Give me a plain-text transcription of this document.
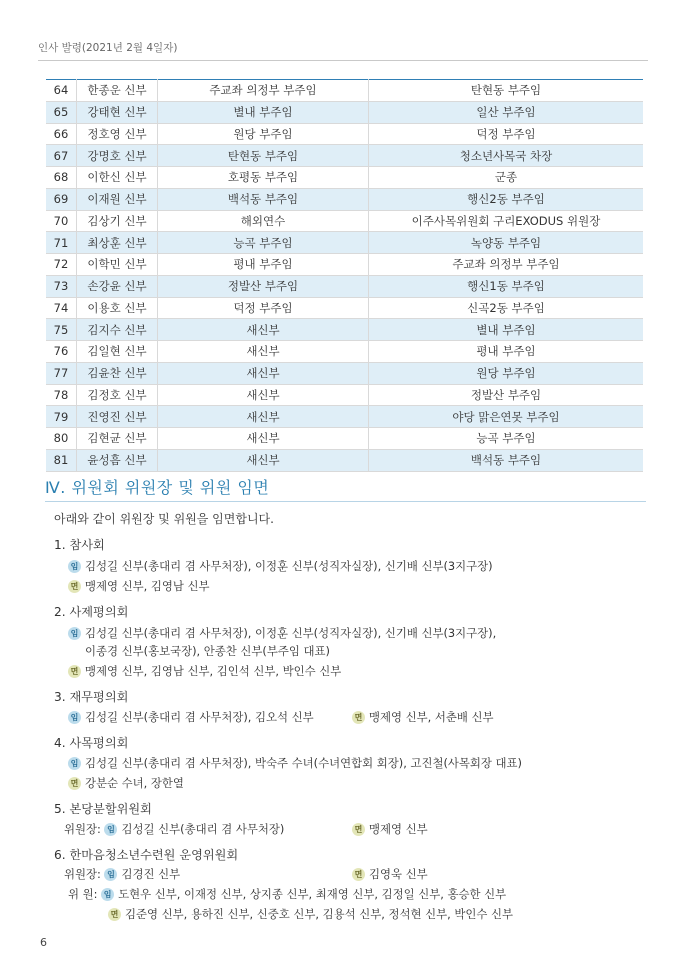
인사 발령(2021년 2월 4일자)
64	한종운 신부	주교좌 의정부 부주임	탄현동 부주임
65	강태현 신부	별내 부주임	일산 부주임
66	정호영 신부	원당 부주임	덕정 부주임
67	강명호 신부	탄현동 부주임	청소년사목국 차장
68	이한신 신부	호평동 부주임	군종
69	이재원 신부	백석동 부주임	행신2동 부주임
70	김상기 신부	해외연수	이주사목위원회 구리EXODUS 위원장
71	최상훈 신부	능곡 부주임	녹양동 부주임
72	이학민 신부	평내 부주임	주교좌 의정부 부주임
73	손강윤 신부	정발산 부주임	행신1동 부주임
74	이용호 신부	덕정 부주임	신곡2동 부주임
75	김지수 신부	새신부	별내 부주임
76	김일현 신부	새신부	평내 부주임
77	김윤찬 신부	새신부	원당 부주임
78	김정호 신부	새신부	정발산 부주임
79	진영진 신부	새신부	야당 맑은연못 부주임
80	김현균 신부	새신부	능곡 부주임
81	윤성흠 신부	새신부	백석동 부주임
Ⅳ. 위원회 위원장 및 위원 임면
아래와 같이 위원장 및 위원을 임면합니다.
1. 참사회
임 김성길 신부(총대리 겸 사무처장), 이정훈 신부(성직자실장), 신기배 신부(3지구장)
면 맹제영 신부, 김영남 신부
2. 사제평의회
임 김성길 신부(총대리 겸 사무처장), 이정훈 신부(성직자실장), 신기배 신부(3지구장),
이종경 신부(홍보국장), 안종찬 신부(부주임 대표)
면 맹제영 신부, 김영남 신부, 김인석 신부, 박인수 신부
3. 재무평의회
임 김성길 신부(총대리 겸 사무처장), 김오석 신부	면 맹제영 신부, 서춘배 신부
4. 사목평의회
임 김성길 신부(총대리 겸 사무처장), 박숙주 수녀(수녀연합회 회장), 고진철(사목회장 대표)
면 강분순 수녀, 장한열
5. 본당분할위원회
위원장: 임 김성길 신부(총대리 겸 사무처장)	면 맹제영 신부
6. 한마음청소년수련원 운영위원회
위원장: 임 김경진 신부	면 김영욱 신부
위 원: 임 도현우 신부, 이재정 신부, 상지종 신부, 최재영 신부, 김정일 신부, 홍승한 신부
면 김준영 신부, 용하진 신부, 신중호 신부, 김용석 신부, 정석현 신부, 박인수 신부
6
